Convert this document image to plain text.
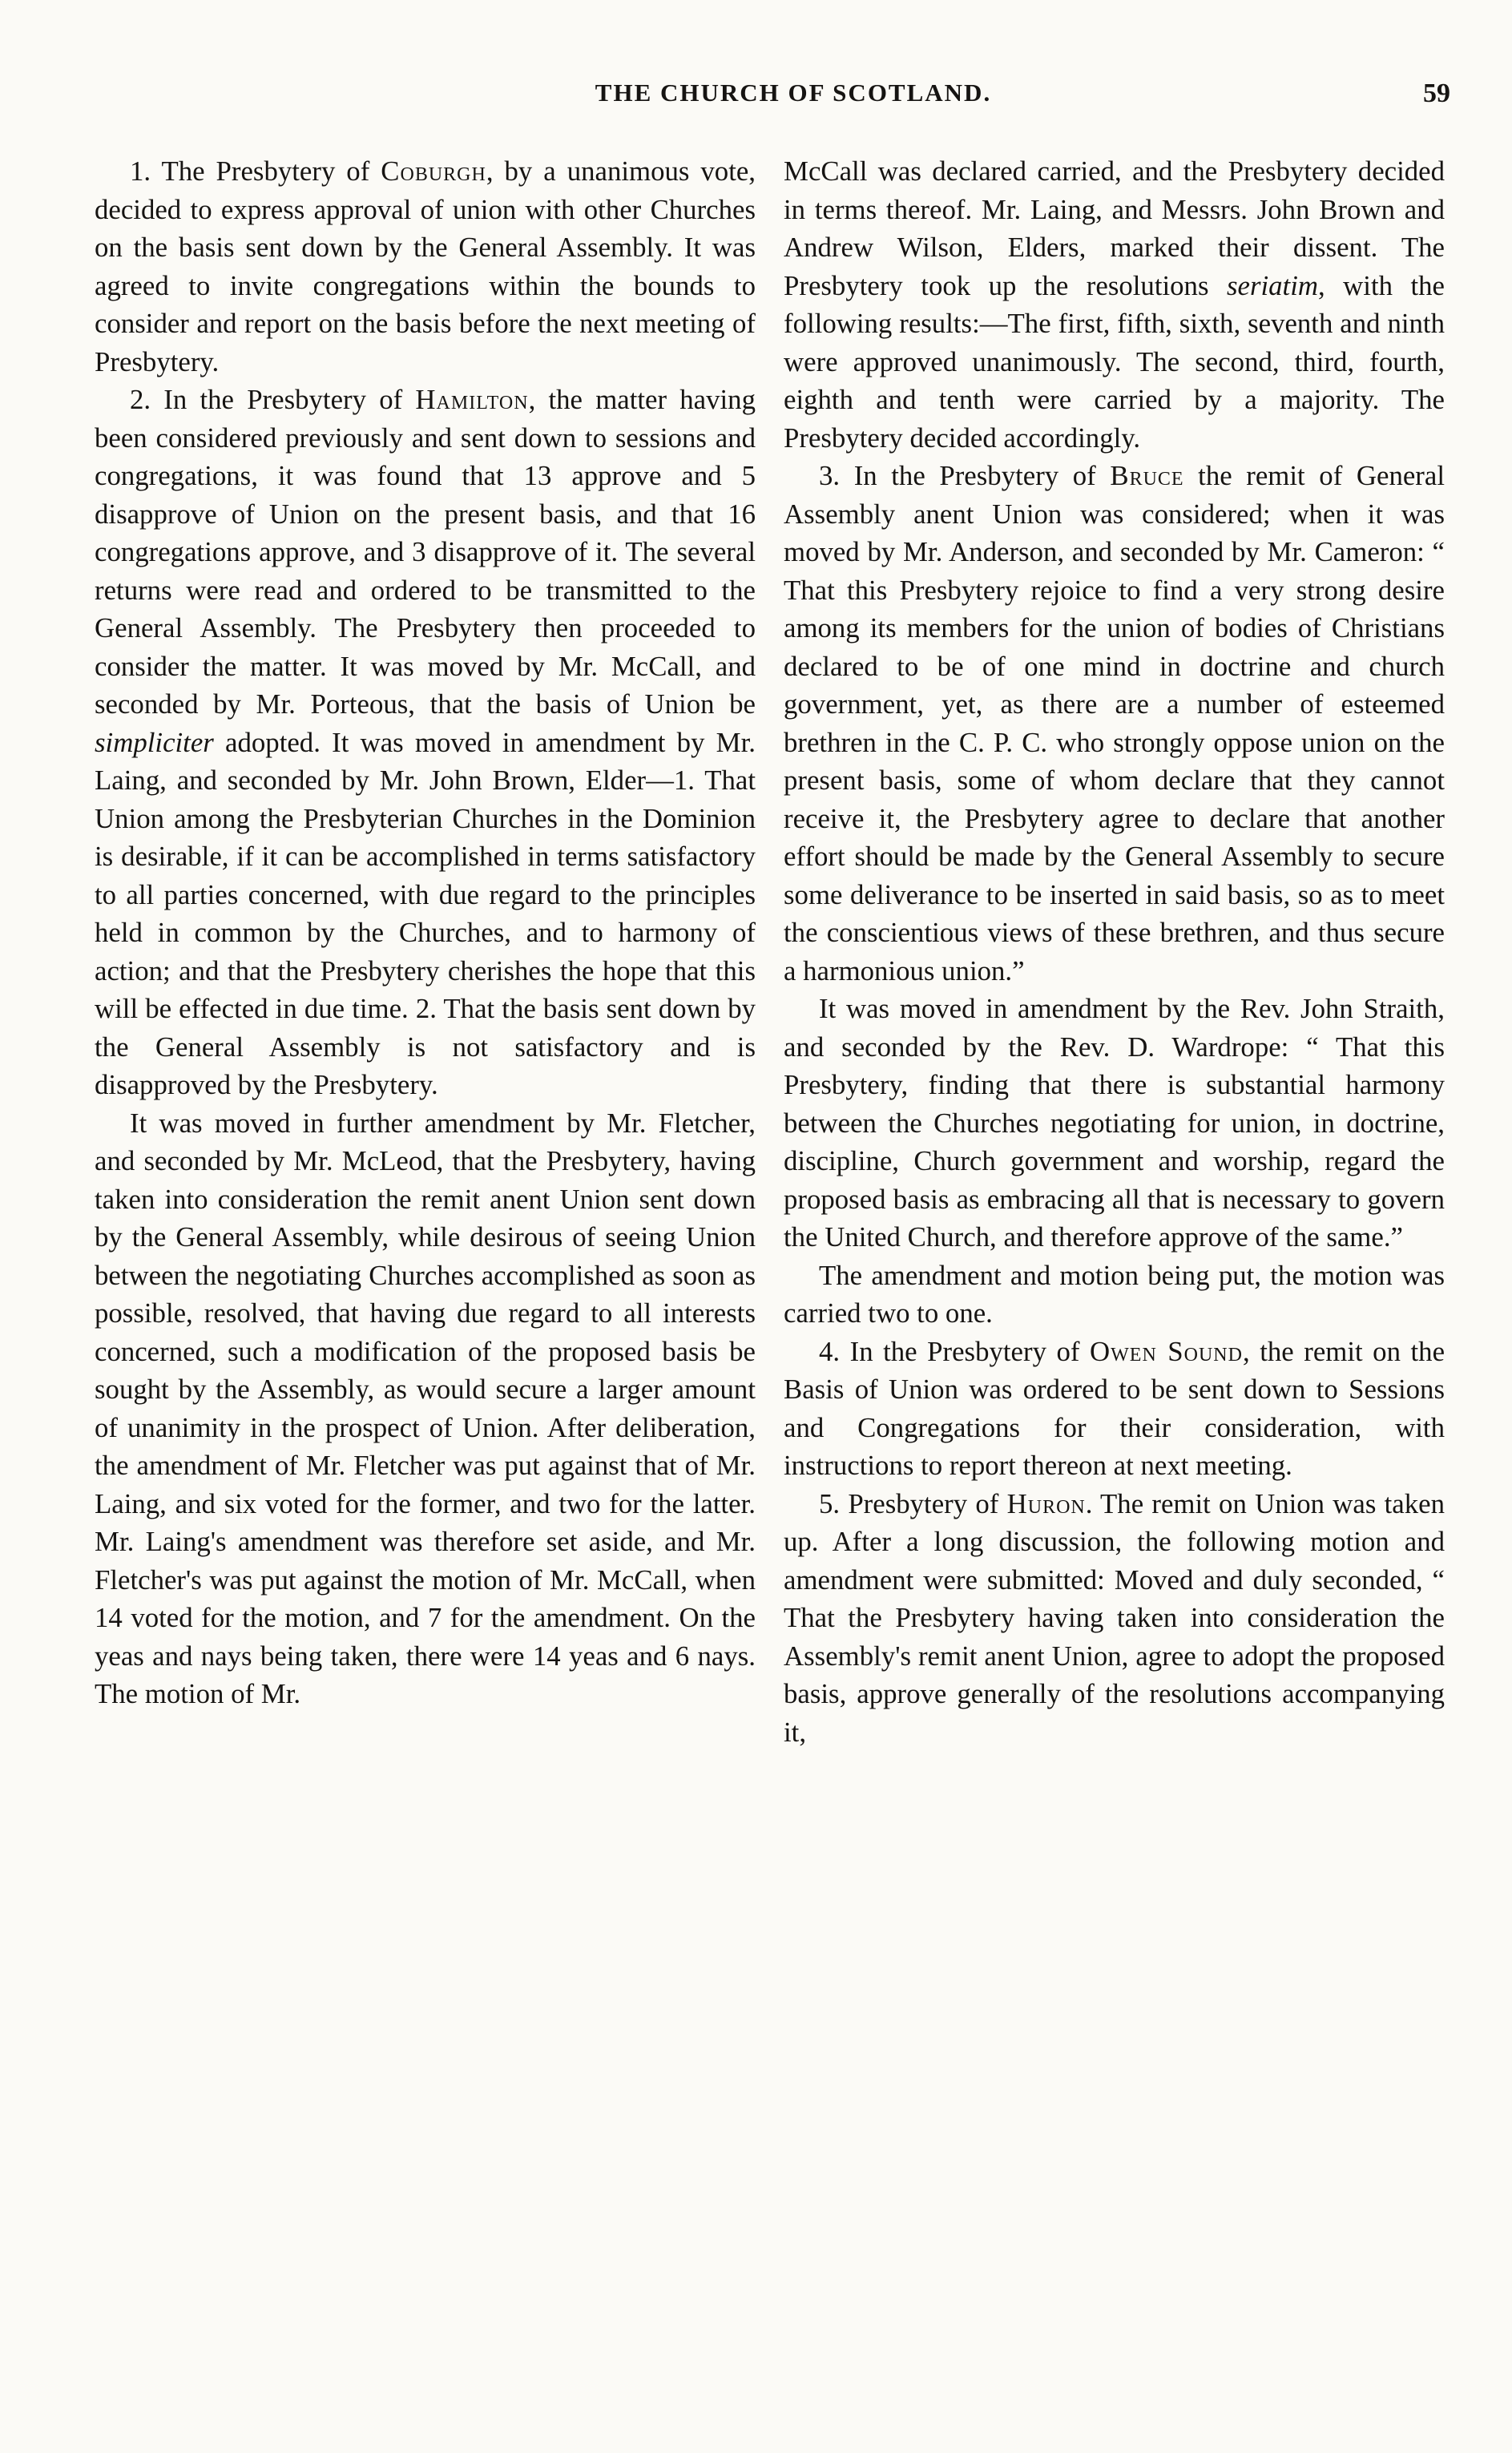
THE CHURCH OF SCOTLAND.	59

1. The Presbytery of Coburgh, by a unanimous vote, decided to express approval of union with other Churches on the basis sent down by the General Assembly. It was agreed to invite congregations within the bounds to consider and report on the basis before the next meeting of Presbytery.

2. In the Presbytery of Hamilton, the matter having been considered previously and sent down to sessions and congregations, it was found that 13 approve and 5 disapprove of Union on the present basis, and that 16 congregations approve, and 3 disapprove of it. The several returns were read and ordered to be transmitted to the General Assembly. The Presbytery then proceeded to consider the matter. It was moved by Mr. McCall, and seconded by Mr. Porteous, that the basis of Union be simpliciter adopted. It was moved in amendment by Mr. Laing, and seconded by Mr. John Brown, Elder—1. That Union among the Presbyterian Churches in the Dominion is desirable, if it can be accomplished in terms satisfactory to all parties concerned, with due regard to the principles held in common by the Churches, and to harmony of action; and that the Presbytery cherishes the hope that this will be effected in due time. 2. That the basis sent down by the General Assembly is not satisfactory and is disapproved by the Presbytery.

It was moved in further amendment by Mr. Fletcher, and seconded by Mr. McLeod, that the Presbytery, having taken into consideration the remit anent Union sent down by the General Assembly, while desirous of seeing Union between the negotiating Churches accomplished as soon as possible, resolved, that having due regard to all interests concerned, such a modification of the proposed basis be sought by the Assembly, as would secure a larger amount of unanimity in the prospect of Union. After deliberation, the amendment of Mr. Fletcher was put against that of Mr. Laing, and six voted for the former, and two for the latter. Mr. Laing's amendment was therefore set aside, and Mr. Fletcher's was put against the motion of Mr. McCall, when 14 voted for the motion, and 7 for the amendment. On the yeas and nays being taken, there were 14 yeas and 6 nays. The motion of Mr.

McCall was declared carried, and the Presbytery decided in terms thereof. Mr. Laing, and Messrs. John Brown and Andrew Wilson, Elders, marked their dissent. The Presbytery took up the resolutions seriatim, with the following results:—The first, fifth, sixth, seventh and ninth were approved unanimously. The second, third, fourth, eighth and tenth were carried by a majority. The Presbytery decided accordingly.

3. In the Presbytery of Bruce the remit of General Assembly anent Union was considered; when it was moved by Mr. Anderson, and seconded by Mr. Cameron: “ That this Presbytery rejoice to find a very strong desire among its members for the union of bodies of Christians declared to be of one mind in doctrine and church government, yet, as there are a number of esteemed brethren in the C. P. C. who strongly oppose union on the present basis, some of whom declare that they cannot receive it, the Presbytery agree to declare that another effort should be made by the General Assembly to secure some deliverance to be inserted in said basis, so as to meet the conscientious views of these brethren, and thus secure a harmonious union.”

It was moved in amendment by the Rev. John Straith, and seconded by the Rev. D. Wardrope: “ That this Presbytery, finding that there is substantial harmony between the Churches negotiating for union, in doctrine, discipline, Church government and worship, regard the proposed basis as embracing all that is necessary to govern the United Church, and therefore approve of the same.”

The amendment and motion being put, the motion was carried two to one.

4. In the Presbytery of Owen Sound, the remit on the Basis of Union was ordered to be sent down to Sessions and Congregations for their consideration, with instructions to report thereon at next meeting.

5. Presbytery of Huron. The remit on Union was taken up. After a long discussion, the following motion and amendment were submitted: Moved and duly seconded, “ That the Presbytery having taken into consideration the Assembly's remit anent Union, agree to adopt the proposed basis, approve generally of the resolutions accompanying it,
